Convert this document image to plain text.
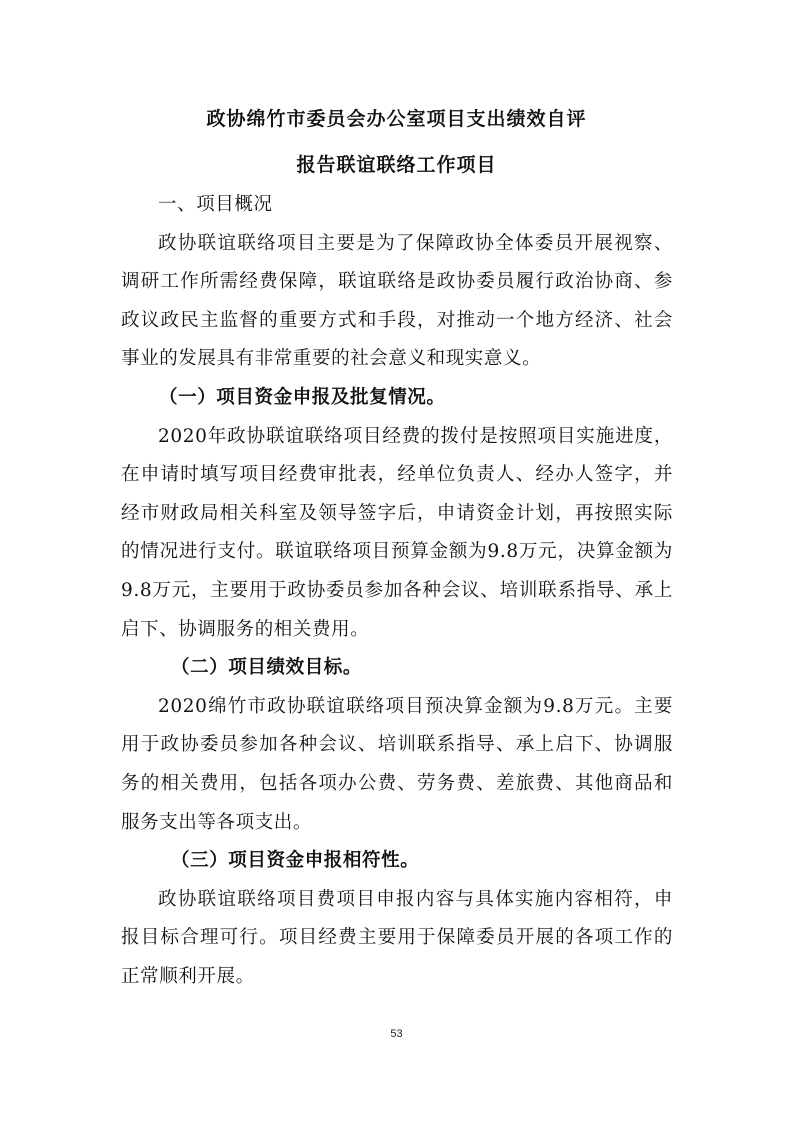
政协绵竹市委员会办公室项目支出绩效自评
报告联谊联络工作项目

一、项目概况

政协联谊联络项目主要是为了保障政协全体委员开展视察、调研工作所需经费保障，联谊联络是政协委员履行政治协商、参政议政民主监督的重要方式和手段，对推动一个地方经济、社会事业的发展具有非常重要的社会意义和现实意义。

（一）项目资金申报及批复情况。

2020年政协联谊联络项目经费的拨付是按照项目实施进度，在申请时填写项目经费审批表，经单位负责人、经办人签字，并经市财政局相关科室及领导签字后，申请资金计划，再按照实际的情况进行支付。联谊联络项目预算金额为9.8万元，决算金额为9.8万元，主要用于政协委员参加各种会议、培训联系指导、承上启下、协调服务的相关费用。

（二）项目绩效目标。

2020绵竹市政协联谊联络项目预决算金额为9.8万元。主要用于政协委员参加各种会议、培训联系指导、承上启下、协调服务的相关费用，包括各项办公费、劳务费、差旅费、其他商品和服务支出等各项支出。

（三）项目资金申报相符性。

政协联谊联络项目费项目申报内容与具体实施内容相符，申报目标合理可行。项目经费主要用于保障委员开展的各项工作的正常顺利开展。

53
